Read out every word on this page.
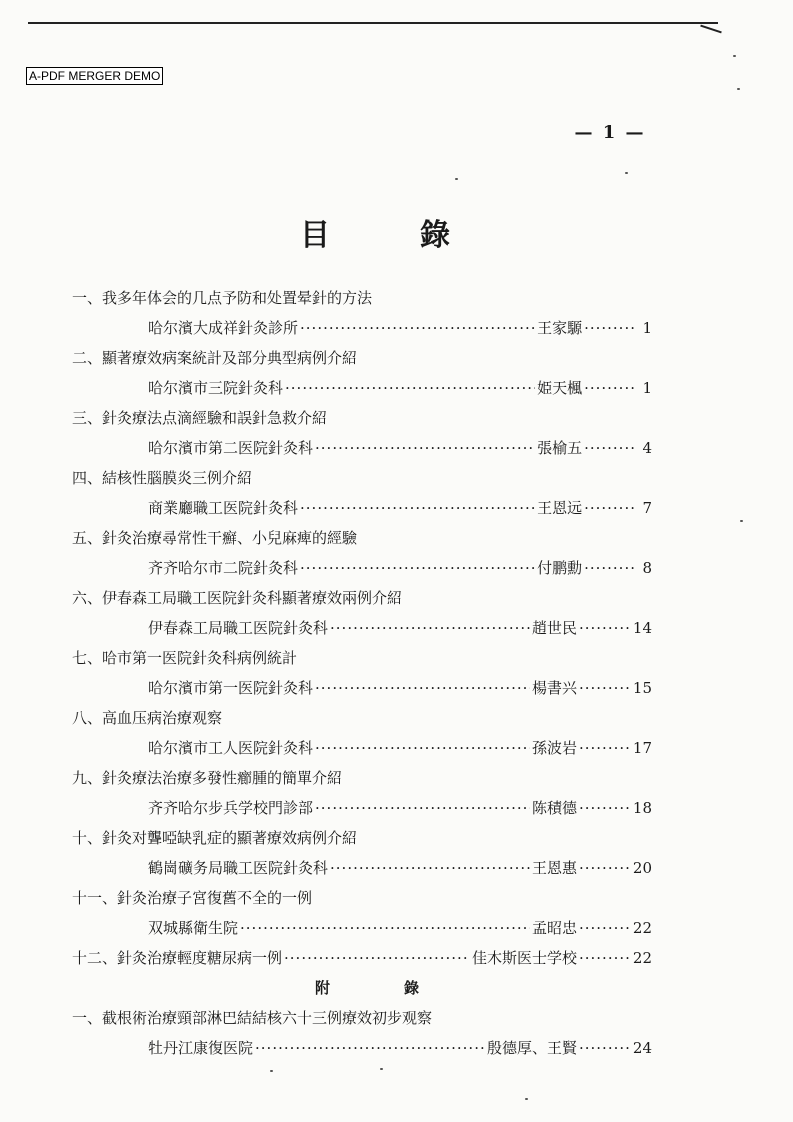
A-PDF MERGER DEMO
— 1 —
目	錄
一、我多年体会的几点予防和处置晕針的方法
哈尔濱大成祥針灸診所 ·····	王家騵 ········· 1
二、顯著療效病案統計及部分典型病例介紹
哈尔濱市三院針灸科 ·····	姫天楓 ········· 1
三、針灸療法点滴經驗和誤針急救介紹
哈尔濱市第二医院針灸科 ·····	張榆五 ········· 4
四、結核性腦膜炎三例介紹
商業廳職工医院針灸科 ·····	王恩远 ········· 7
五、針灸治療尋常性干癬、小兒麻痺的經驗
齐齐哈尔市二院針灸科 ·····	付鹏勳 ········· 8
六、伊春森工局職工医院針灸科顯著療效兩例介紹
伊春森工局職工医院針灸科 ·····	趙世民 ········· 14
七、哈市第一医院針灸科病例統計
哈尔濱市第一医院針灸科 ·····	楊書兴 ········· 15
八、高血压病治療观察
哈尔濱市工人医院針灸科 ·····	孫波岩 ········· 17
九、針灸療法治療多發性癤腫的簡單介紹
齐齐哈尔步兵学校門診部 ·····	陈積德 ········· 18
十、針灸对聾啞缺乳症的顯著療效病例介紹
鶴崗礦务局職工医院針灸科 ·····	王恩惠 ········· 20
十一、針灸治療子宮復舊不全的一例
双城縣衛生院 ·····	孟昭忠 ········· 22
十二、針灸治療輕度糖尿病一例 ·····	佳木斯医士学校 ········· 22
附	錄
一、截根術治療頸部淋巴結結核六十三例療效初步观察
牡丹江康復医院 ·····	殷德厚、王賢 ········· 24
